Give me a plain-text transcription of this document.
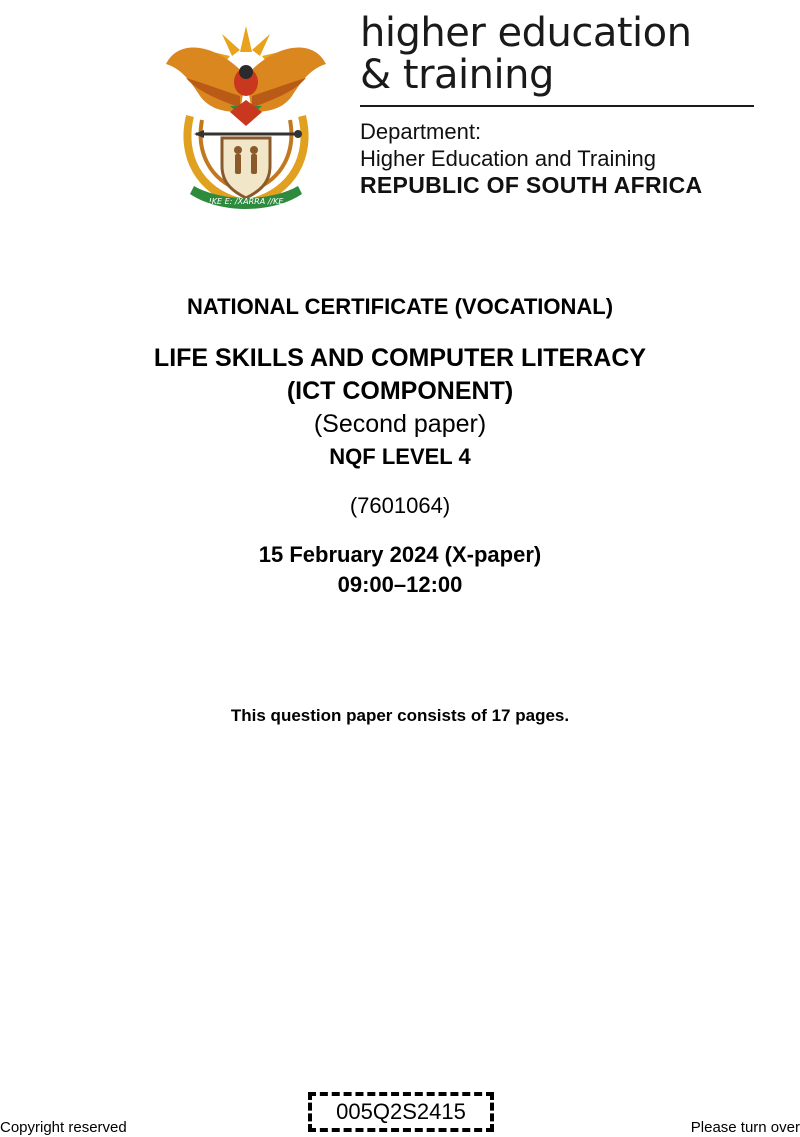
!KE E: /XARRA //KE
higher education
& training
Department:
Higher Education and Training
REPUBLIC OF SOUTH AFRICA
NATIONAL CERTIFICATE (VOCATIONAL)
LIFE SKILLS AND COMPUTER LITERACY
(ICT COMPONENT)
(Second paper)
NQF LEVEL 4
(7601064)
15 February 2024 (X-paper)
09:00–12:00
This question paper consists of 17 pages.
Copyright reserved
005Q2S2415
Please turn over
